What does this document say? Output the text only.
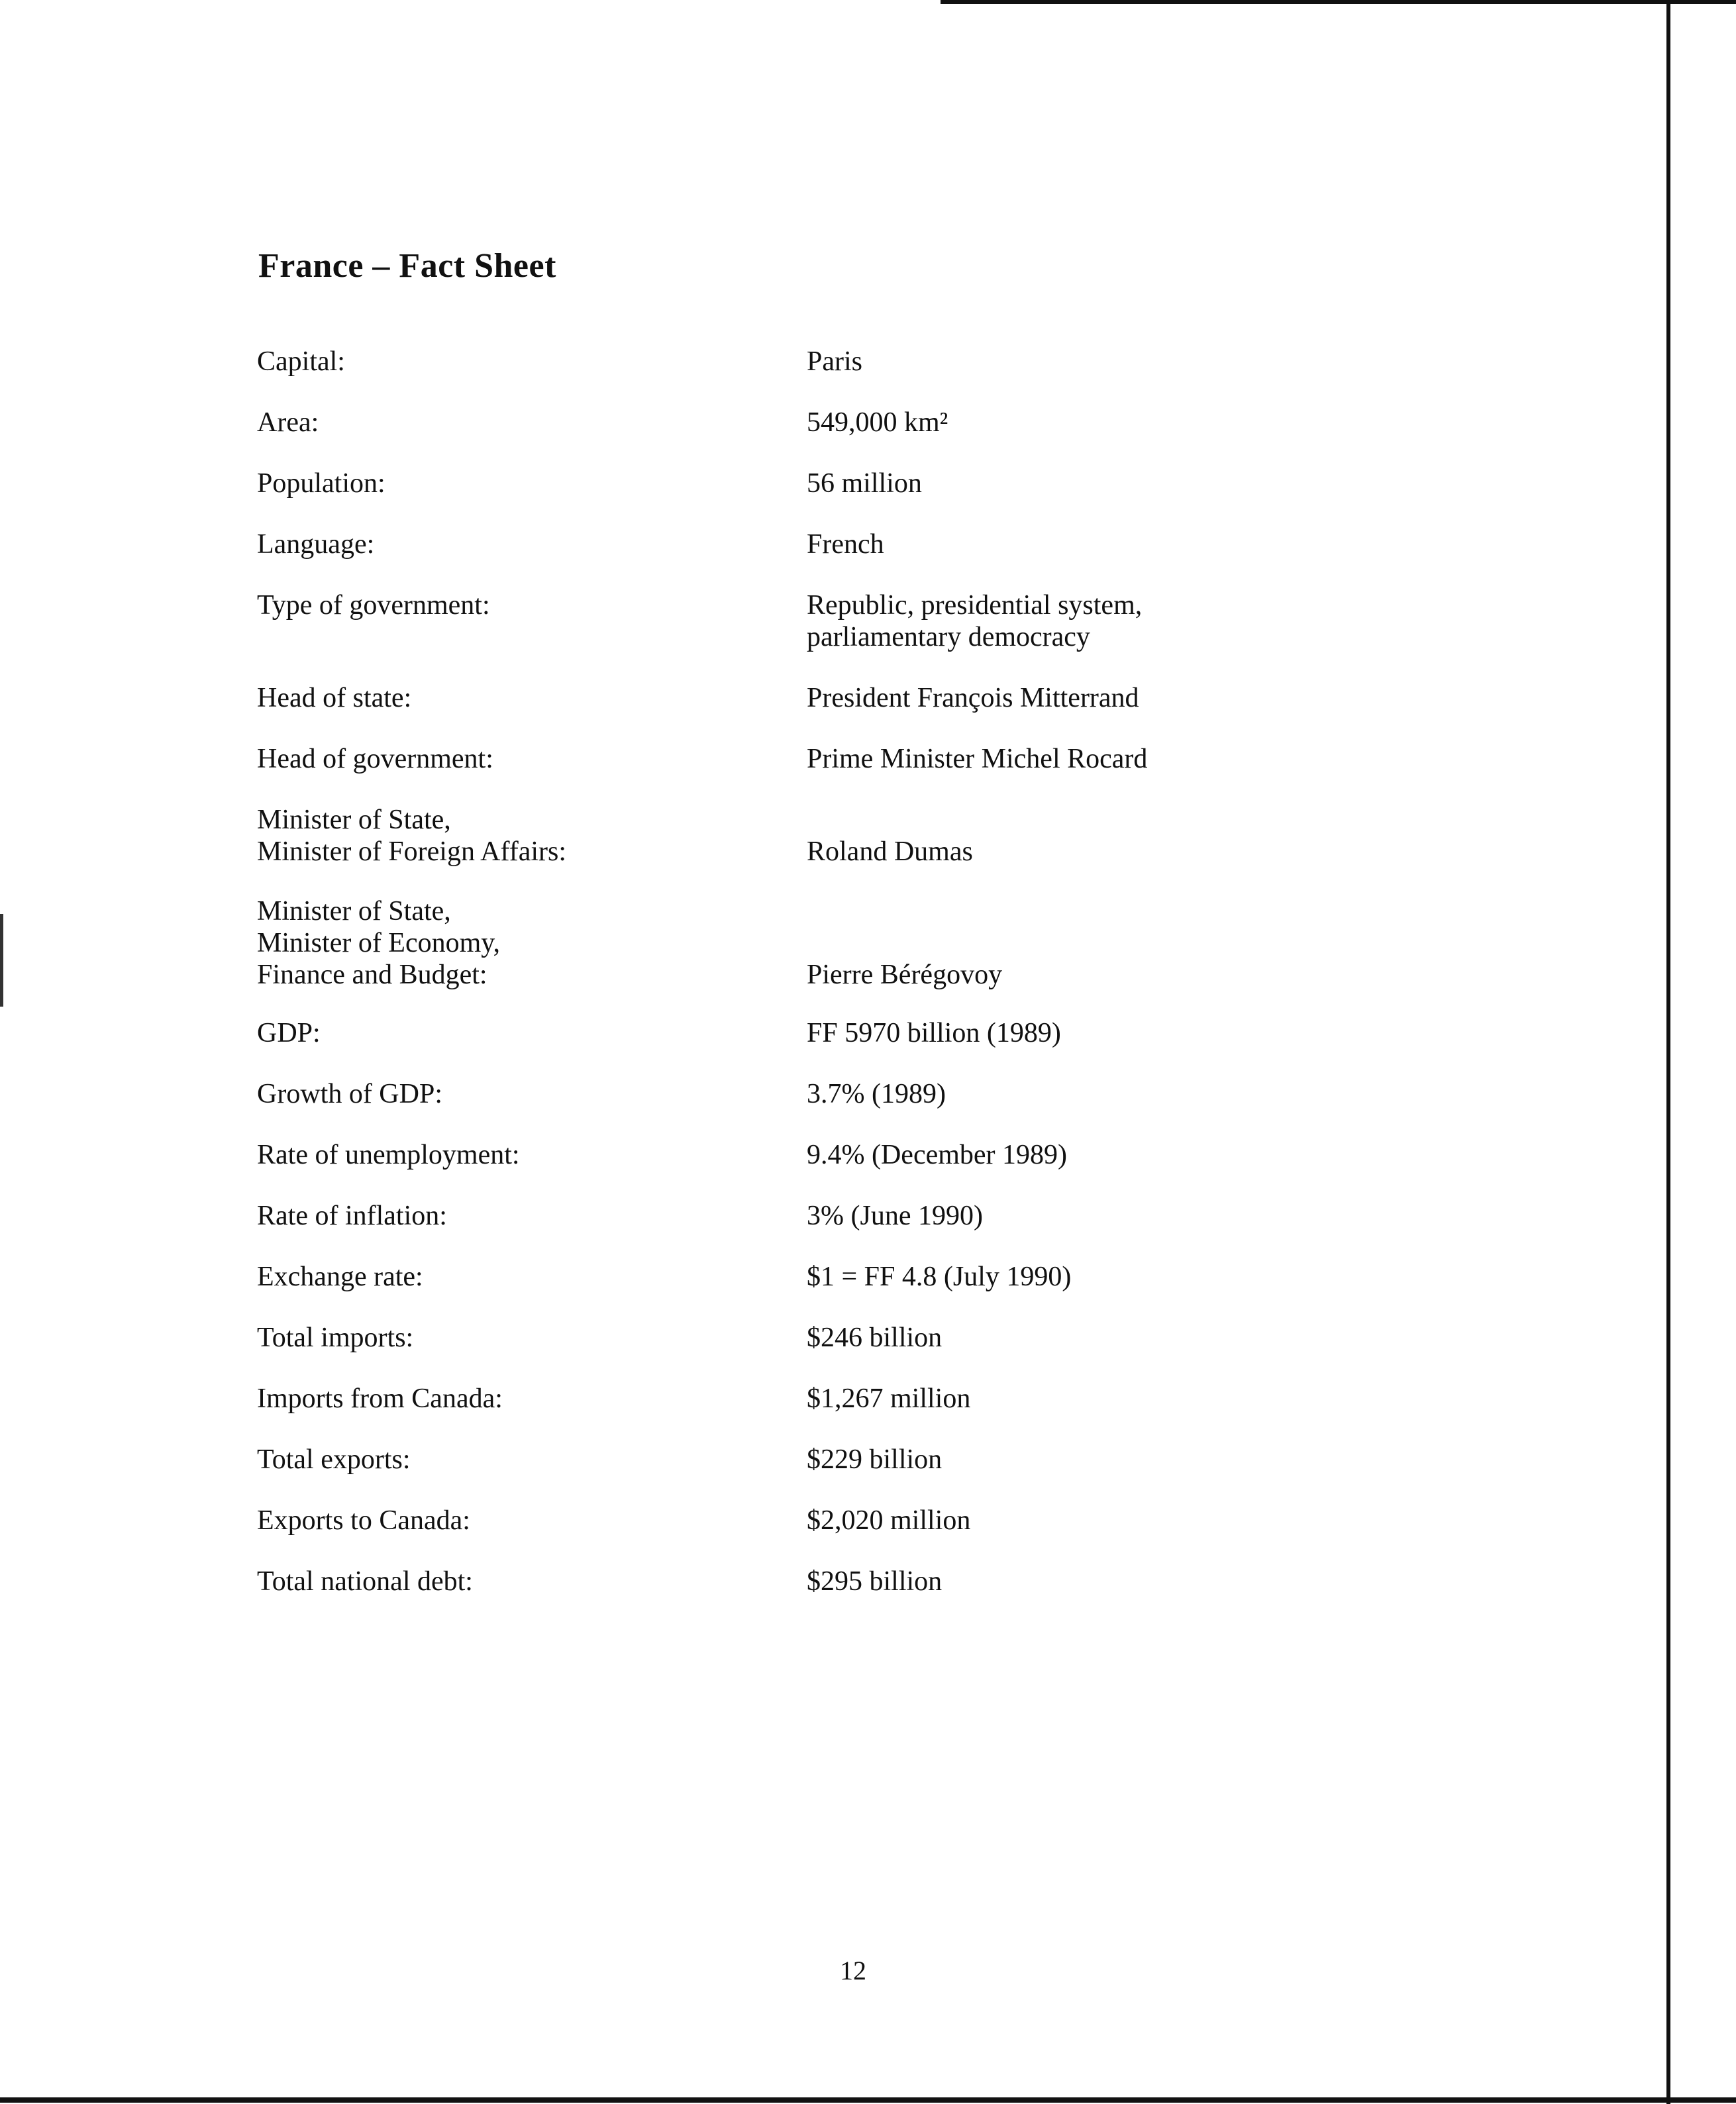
France – Fact Sheet
Capital:	Paris
Area:	549,000 km²
Population:	56 million
Language:	French
Type of government:	Republic, presidential system,
parliamentary democracy
Head of state:	President François Mitterrand
Head of government:	Prime Minister Michel Rocard
Minister of State,
Minister of Foreign Affairs:	Roland Dumas
Minister of State,
Minister of Economy,
Finance and Budget:	Pierre Bérégovoy
GDP:	FF 5970 billion (1989)
Growth of GDP:	3.7% (1989)
Rate of unemployment:	9.4% (December 1989)
Rate of inflation:	3% (June 1990)
Exchange rate:	$1 = FF 4.8 (July 1990)
Total imports:	$246 billion
Imports from Canada:	$1,267 million
Total exports:	$229 billion
Exports to Canada:	$2,020 million
Total national debt:	$295 billion
12
